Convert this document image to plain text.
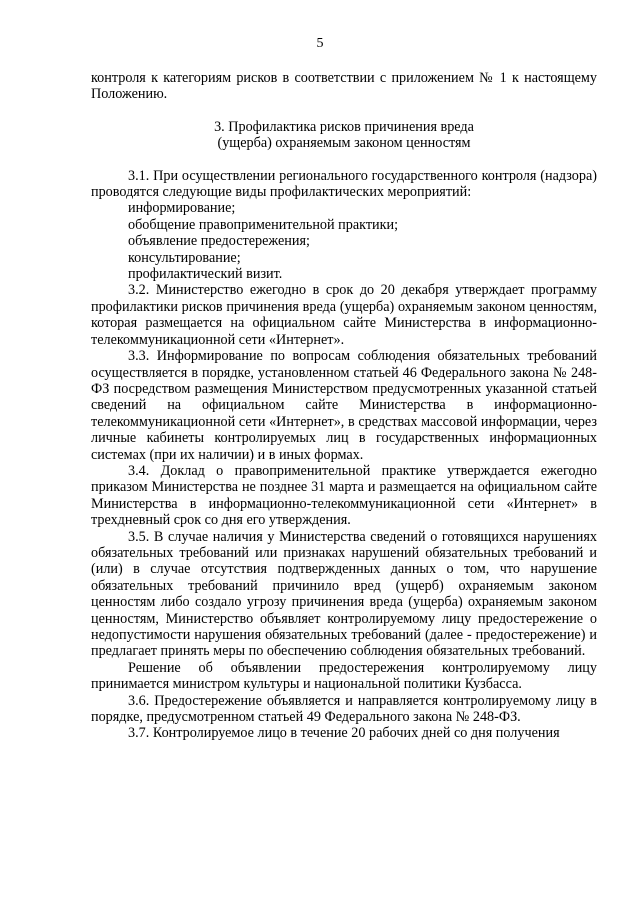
5

контроля к категориям рисков в соответствии с приложением № 1 к настоящему Положению.

3. Профилактика рисков причинения вреда

(ущерба) охраняемым законом ценностям

3.1. При осуществлении регионального государственного контроля (надзора) проводятся следующие виды профилактических мероприятий:

информирование;

обобщение правоприменительной практики;

объявление предостережения;

консультирование;

профилактический визит.

3.2. Министерство ежегодно в срок до 20 декабря утверждает программу профилактики рисков причинения вреда (ущерба) охраняемым законом ценностям, которая размещается на официальном сайте Министерства в информационно-телекоммуникационной сети «Интернет».

3.3. Информирование по вопросам соблюдения обязательных требований осуществляется в порядке, установленном статьей 46 Федерального закона № 248-ФЗ посредством размещения Министерством предусмотренных указанной статьей сведений на официальном сайте Министерства в информационно-телекоммуникационной сети «Интернет», в средствах массовой информации, через личные кабинеты контролируемых лиц в государственных информационных системах (при их наличии) и в иных формах.

3.4. Доклад о правоприменительной практике утверждается ежегодно приказом Министерства не позднее 31 марта и размещается на официальном сайте Министерства в информационно-телекоммуникационной сети «Интернет» в трехдневный срок со дня его утверждения.

3.5. В случае наличия у Министерства сведений о готовящихся нарушениях обязательных требований или признаках нарушений обязательных требований и (или) в случае отсутствия подтвержденных данных о том, что нарушение обязательных требований причинило вред (ущерб) охраняемым законом ценностям либо создало угрозу причинения вреда (ущерба) охраняемым законом ценностям, Министерство объявляет контролируемому лицу предостережение о недопустимости нарушения обязательных требований (далее - предостережение) и предлагает принять меры по обеспечению соблюдения обязательных требований.

Решение об объявлении предостережения контролируемому лицу принимается министром культуры и национальной политики Кузбасса.

3.6. Предостережение объявляется и направляется контролируемому лицу в порядке, предусмотренном статьей 49 Федерального закона № 248-ФЗ.

3.7. Контролируемое лицо в течение 20 рабочих дней со дня получения
